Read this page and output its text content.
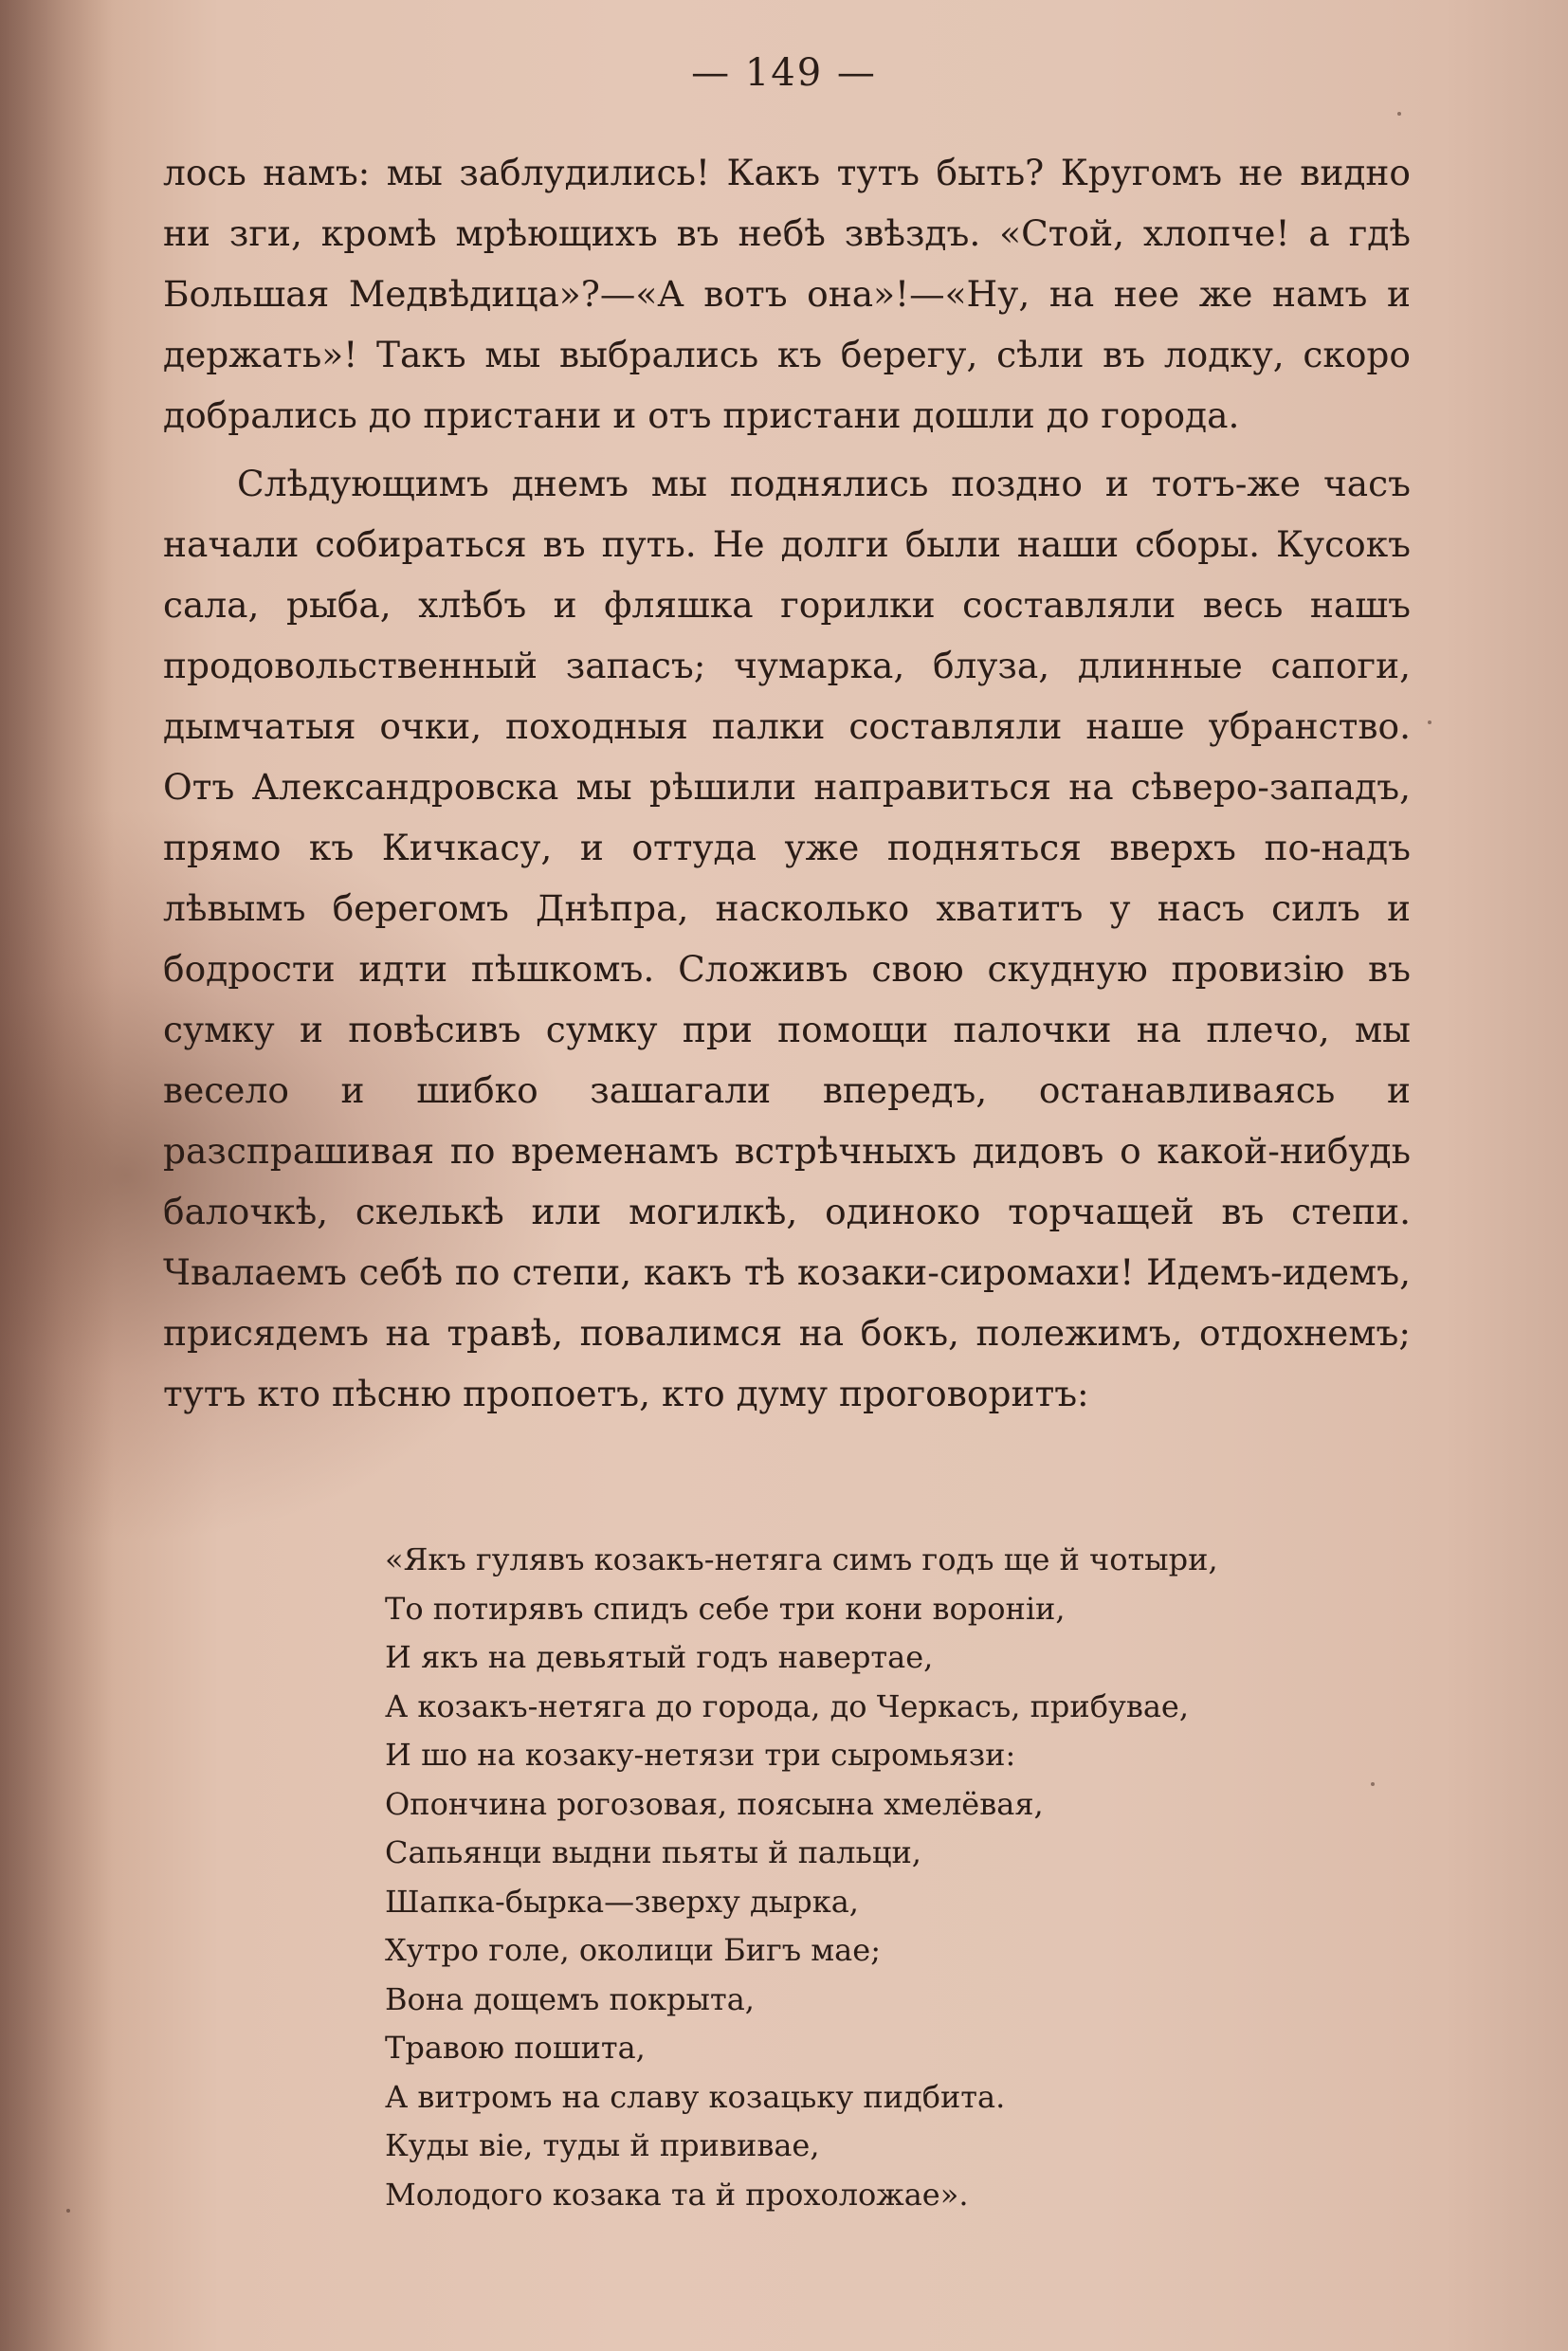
— 149 —

лось намъ: мы заблудились! Какъ тутъ быть? Кругомъ не видно ни зги, кромѣ мрѣющихъ въ небѣ звѣздъ. «Стой, хлопче! а гдѣ Большая Медвѣдица»?—«А вотъ она»!—«Ну, на нее же намъ и держать»! Такъ мы выбрались къ берегу, сѣли въ лодку, скоро добрались до пристани и отъ пристани дошли до города.

Слѣдующимъ днемъ мы поднялись поздно и тотъ-же часъ начали собираться въ путь. Не долги были наши сборы. Кусокъ сала, рыба, хлѣбъ и фляшка горилки составляли весь нашъ продовольственный запасъ; чумарка, блуза, длинные сапоги, дымчатыя очки, походныя палки составляли наше убранство. Отъ Александровска мы рѣшили направиться на сѣверо-западъ, прямо къ Кичкасу, и оттуда уже подняться вверхъ по-надъ лѣвымъ берегомъ Днѣпра, насколько хватитъ у насъ силъ и бодрости идти пѣшкомъ. Сложивъ свою скудную провизiю въ сумку и повѣсивъ сумку при помощи палочки на плечо, мы весело и шибко зашагали впередъ, останавливаясь и разспрашивая по временамъ встрѣчныхъ дидовъ о какой-нибудь балочкѣ, скелькѣ или могилкѣ, одиноко торчащей въ степи. Чвалаемъ себѣ по степи, какъ тѣ козаки-сиромахи! Идемъ-идемъ, присядемъ на травѣ, повалимся на бокъ, полежимъ, отдохнемъ; тутъ кто пѣсню пропоетъ, кто думу проговоритъ:

«Якъ гулявъ козакъ-нетяга симъ годъ ще й чотыри,
То потирявъ спидъ себе три кони воронiи,
И якъ на девьятый годъ навертае,
А козакъ-нетяга до города, до Черкасъ, прибувае,
И шо на козаку-нетязи три сыромьязи:
Опончина рогозовая, поясына хмелёвая,
Сапьянци выдни пьяты й пальци,
Шапка-бырка—зверху дырка,
Хутро голе, околици Бигъ мае;
Вона дощемъ покрыта,
Травою пошита,
А витромъ на славу козацьку пидбита.
Куды вiе, туды й прививае,
Молодого козака та й прохоложае».
